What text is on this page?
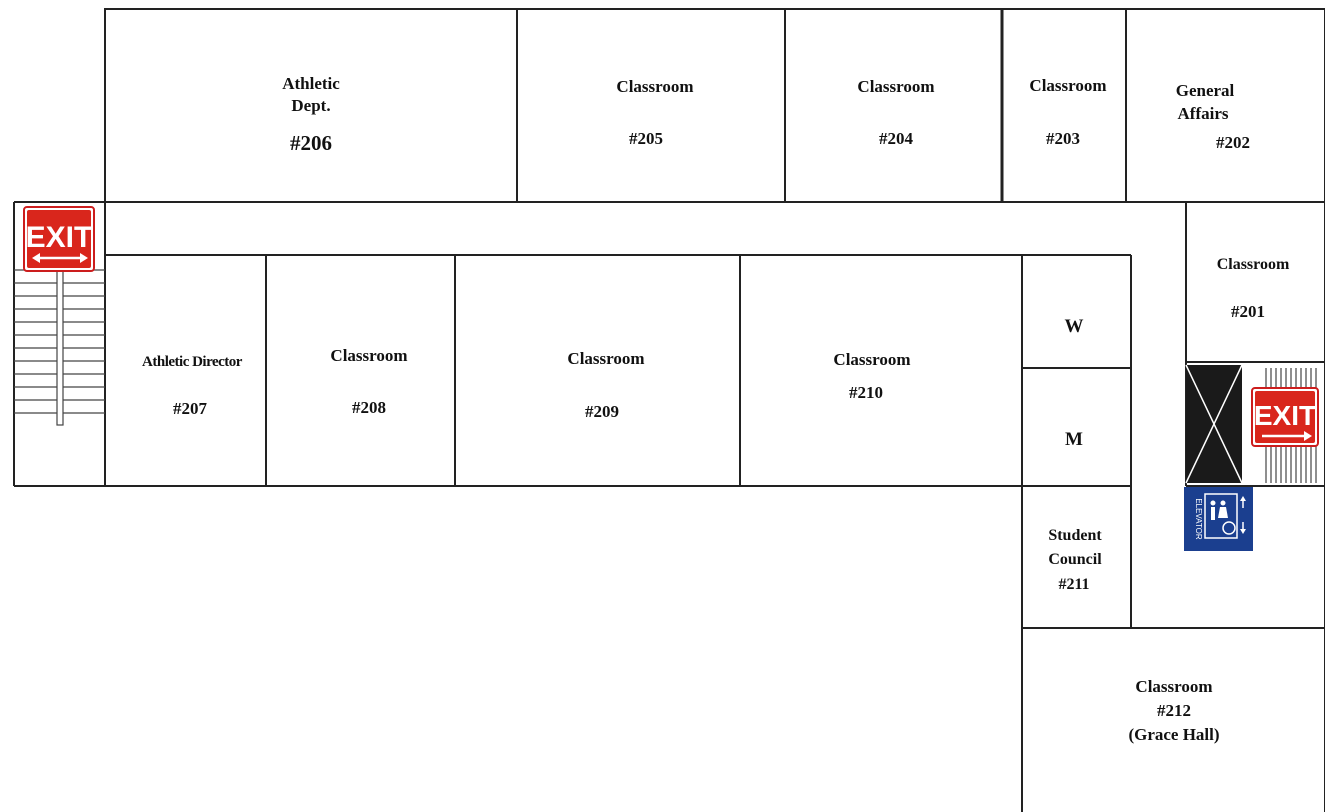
EXIT
EXIT
ELEVATOR
Athletic
Dept.
#206
Classroom
#205
Classroom
#204
Classroom
#203
General
Affairs
#202
Classroom
#201
Athletic Director
#207
Classroom
#208
Classroom
#209
Classroom
#210
W
M
Student
Council
#211
Classroom
#212
(Grace Hall)
